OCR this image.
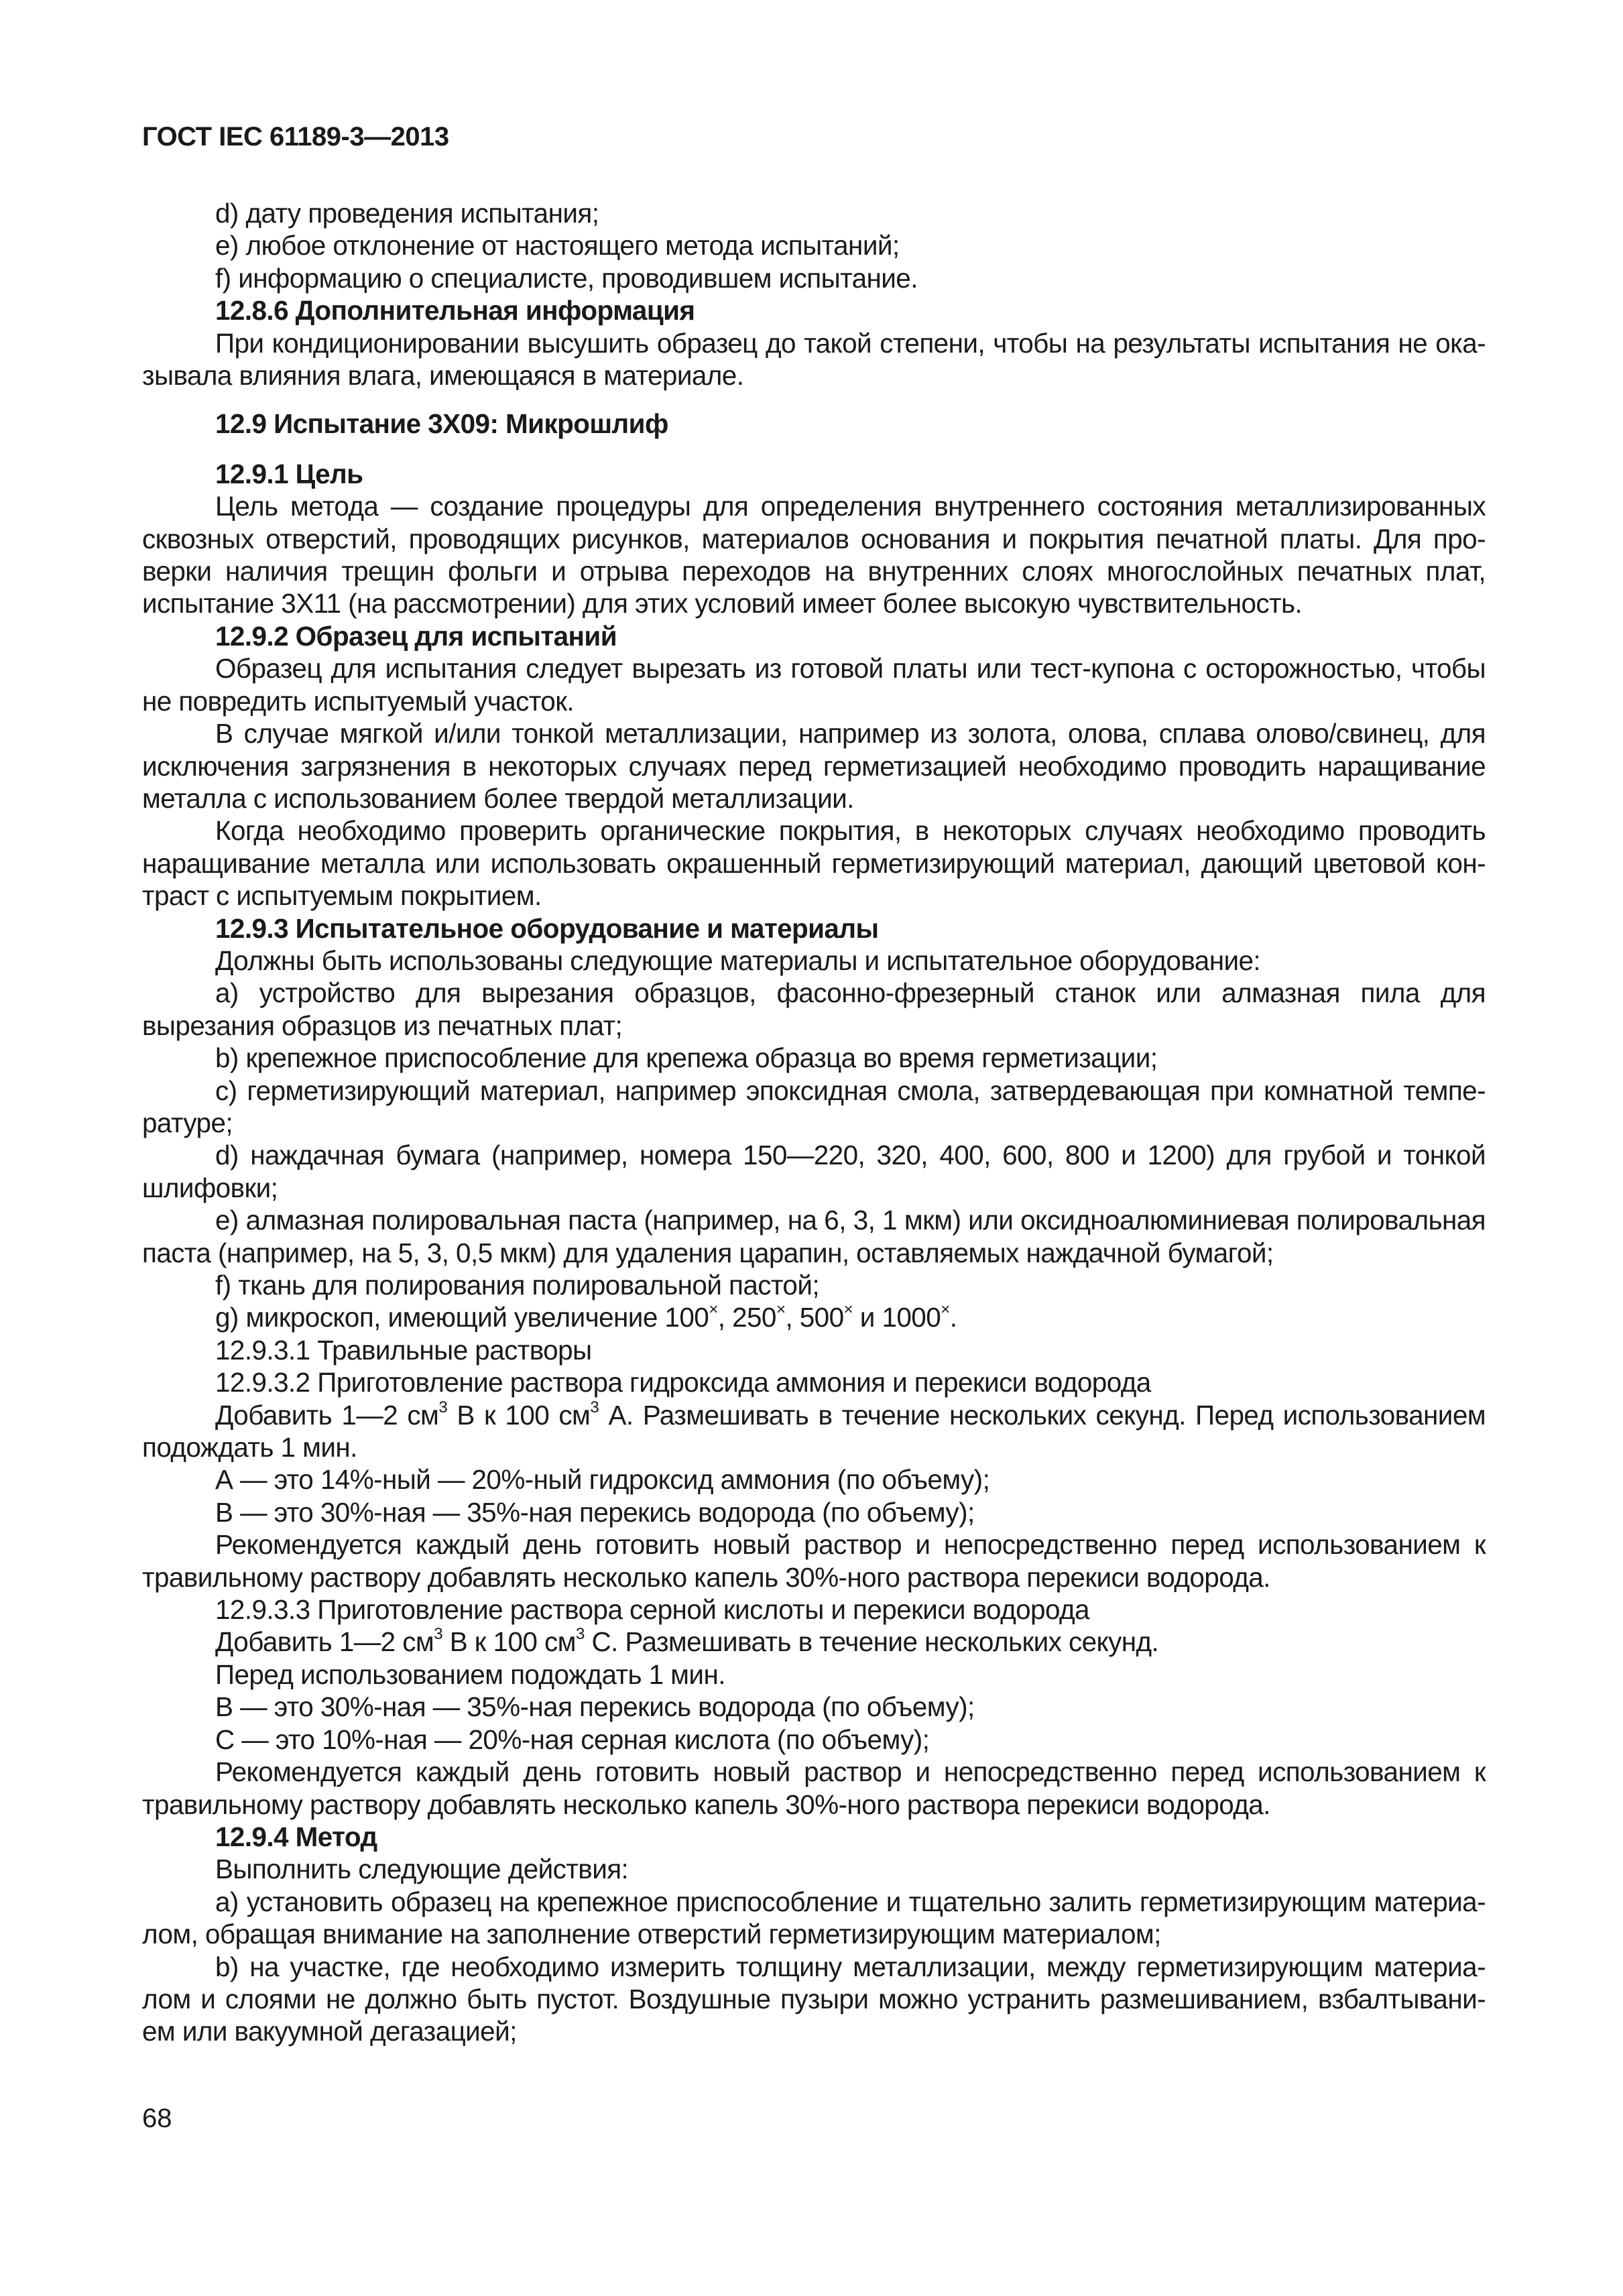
ГОСТ IEC 61189-3—2013

d) дату проведения испытания;

e) любое отклонение от настоящего метода испытаний;

f) информацию о специалисте, проводившем испытание.

12.8.6 Дополнительная информация

При кондиционировании высушить образец до такой степени, чтобы на результаты испытания не ока-зывала влияния влага, имеющаяся в материале.

12.9 Испытание 3X09: Микрошлиф

12.9.1 Цель

Цель метода — создание процедуры для определения внутреннего состояния металлизированных сквозных отверстий, проводящих рисунков, материалов основания и покрытия печатной платы. Для про-верки наличия трещин фольги и отрыва переходов на внутренних слоях многослойных печатных плат, испытание 3X11 (на рассмотрении) для этих условий имеет более высокую чувствительность.

12.9.2 Образец для испытаний

Образец для испытания следует вырезать из готовой платы или тест-купона с осторожностью, чтобы не повредить испытуемый участок.

В случае мягкой и/или тонкой металлизации, например из золота, олова, сплава олово/свинец, для исключения загрязнения в некоторых случаях перед герметизацией необходимо проводить наращивание металла с использованием более твердой металлизации.

Когда необходимо проверить органические покрытия, в некоторых случаях необходимо проводить наращивание металла или использовать окрашенный герметизирующий материал, дающий цветовой кон-траст с испытуемым покрытием.

12.9.3 Испытательное оборудование и материалы

Должны быть использованы следующие материалы и испытательное оборудование:

a) устройство для вырезания образцов, фасонно-фрезерный станок или алмазная пила для вырезания образцов из печатных плат;

b) крепежное приспособление для крепежа образца во время герметизации;

c) герметизирующий материал, например эпоксидная смола, затвердевающая при комнатной темпе-ратуре;

d) наждачная бумага (например, номера 150—220, 320, 400, 600, 800 и 1200) для грубой и тонкой шлифовки;

e) алмазная полировальная паста (например, на 6, 3, 1 мкм) или оксидноалюминиевая полировальная паста (например, на 5, 3, 0,5 мкм) для удаления царапин, оставляемых наждачной бумагой;

f) ткань для полирования полировальной пастой;

g) микроскоп, имеющий увеличение 100×, 250×, 500× и 1000×.

12.9.3.1 Травильные растворы

12.9.3.2 Приготовление раствора гидроксида аммония и перекиси водорода

Добавить 1—2 $см^3$ В к 100 $см^3$ А. Размешивать в течение нескольких секунд. Перед использованием подождать 1 мин.

А — это 14%-ный — 20%-ный гидроксид аммония (по объему);

В — это 30%-ная — 35%-ная перекись водорода (по объему);

Рекомендуется каждый день готовить новый раствор и непосредственно перед использованием к травильному раствору добавлять несколько капель 30%-ного раствора перекиси водорода.

12.9.3.3 Приготовление раствора серной кислоты и перекиси водорода

Добавить 1—2 $см^3$ В к 100 $см^3$ С. Размешивать в течение нескольких секунд.

Перед использованием подождать 1 мин.

В — это 30%-ная — 35%-ная перекись водорода (по объему);

С — это 10%-ная — 20%-ная серная кислота (по объему);

Рекомендуется каждый день готовить новый раствор и непосредственно перед использованием к травильному раствору добавлять несколько капель 30%-ного раствора перекиси водорода.

12.9.4 Метод

Выполнить следующие действия:

a) установить образец на крепежное приспособление и тщательно залить герметизирующим материа-лом, обращая внимание на заполнение отверстий герметизирующим материалом;

b) на участке, где необходимо измерить толщину металлизации, между герметизирующим материа-лом и слоями не должно быть пустот. Воздушные пузыри можно устранить размешиванием, взбалтывани-ем или вакуумной дегазацией;

68
